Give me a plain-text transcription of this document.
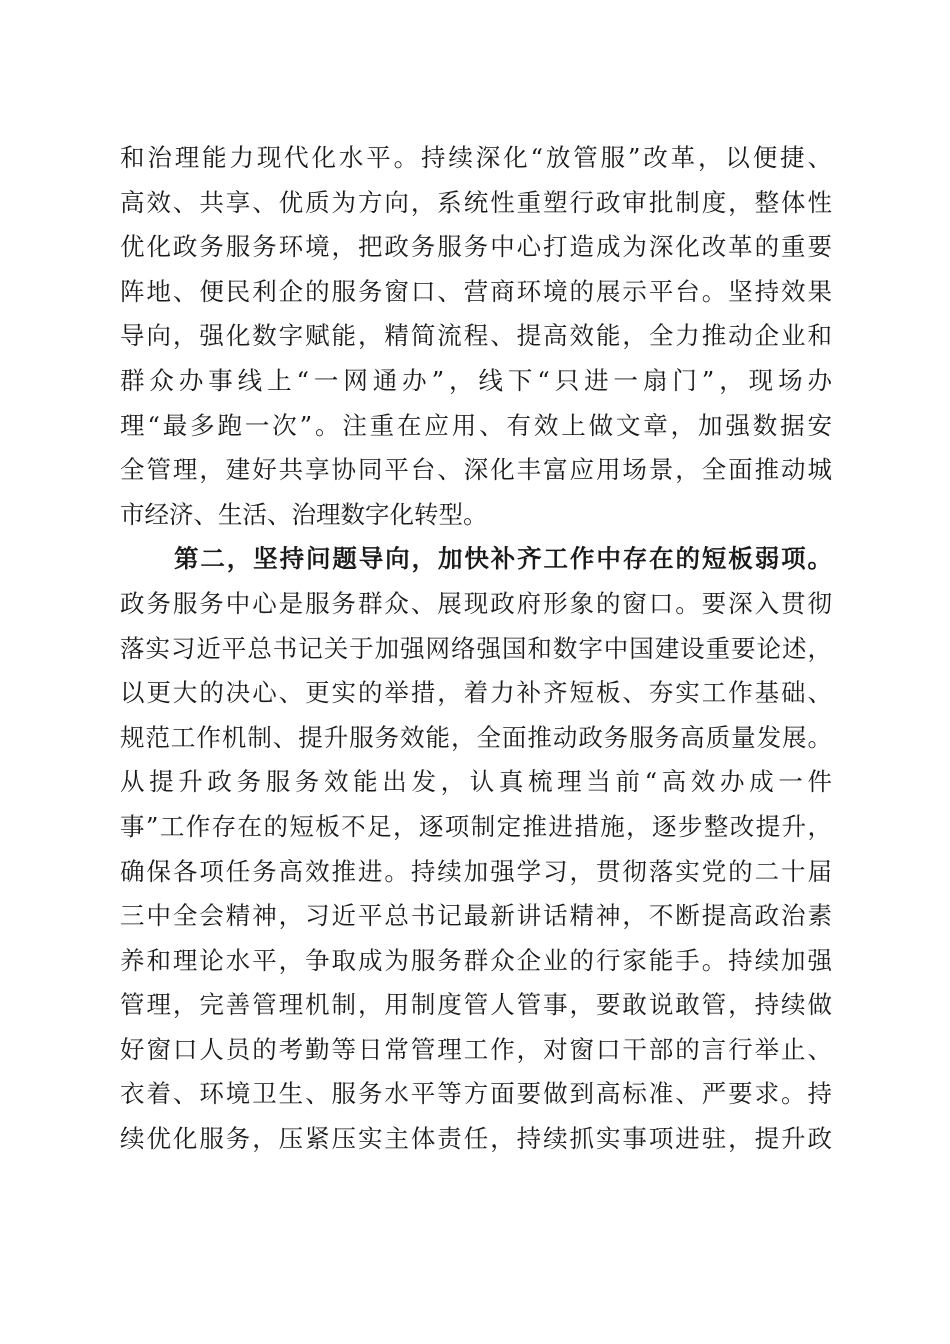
和治理能力现代化水平。持续深化“放管服”改革，以便捷、
高效、共享、优质为方向，系统性重塑行政审批制度，整体性
优化政务服务环境，把政务服务中心打造成为深化改革的重要
阵地、便民利企的服务窗口、营商环境的展示平台。坚持效果
导向，强化数字赋能，精简流程、提高效能，全力推动企业和
群众办事线上“一网通办”，线下“只进一扇门”，现场办
理“最多跑一次”。注重在应用、有效上做文章，加强数据安
全管理，建好共享协同平台、深化丰富应用场景，全面推动城
市经济、生活、治理数字化转型。
第二，坚持问题导向，加快补齐工作中存在的短板弱项。
政务服务中心是服务群众、展现政府形象的窗口。要深入贯彻
落实习近平总书记关于加强网络强国和数字中国建设重要论述，
以更大的决心、更实的举措，着力补齐短板、夯实工作基础、
规范工作机制、提升服务效能，全面推动政务服务高质量发展。
从提升政务服务效能出发，认真梳理当前“高效办成一件
事”工作存在的短板不足，逐项制定推进措施，逐步整改提升，
确保各项任务高效推进。持续加强学习，贯彻落实党的二十届
三中全会精神，习近平总书记最新讲话精神，不断提高政治素
养和理论水平，争取成为服务群众企业的行家能手。持续加强
管理，完善管理机制，用制度管人管事，要敢说敢管，持续做
好窗口人员的考勤等日常管理工作，对窗口干部的言行举止、
衣着、环境卫生、服务水平等方面要做到高标准、严要求。持
续优化服务，压紧压实主体责任，持续抓实事项进驻，提升政
